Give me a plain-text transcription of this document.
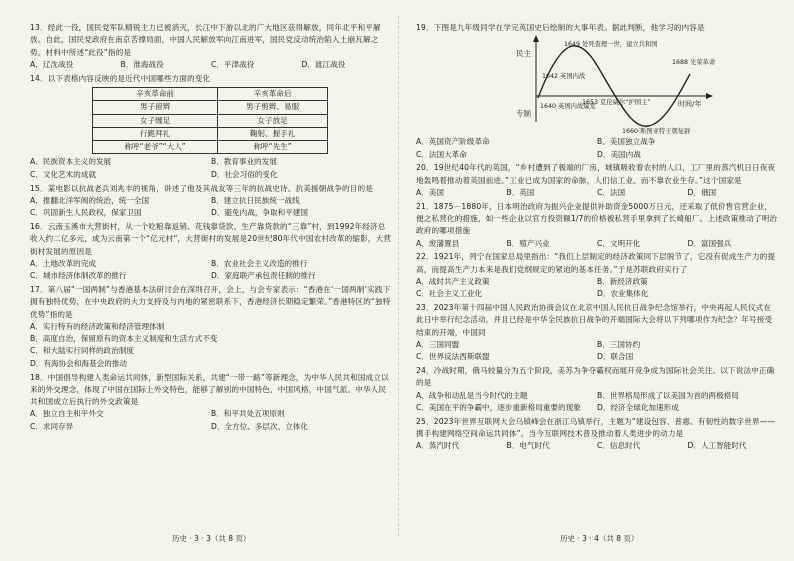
13．经此一役，国民党军队精锐主力已被消灭，长江中下游以北的广大地区获得解放，同年北平和平解放。自此，国民党政府在南京苦撑局面，中国人民解放军向江南进军，国民党反动统治陷入土崩瓦解之势。材料中所述“此役”指的是
A．辽沈战役	B．淮海战役	C．平津战役	D．渡江战役
14．以下表格内容反映的是近代中国哪些方面的变化
辛亥革命前	辛亥革命后
男子留辫	男子剪辫、易服
女子缠足	女子放足
行跪拜礼	鞠躬、握手礼
称呼“老爷”“大人”	称呼“先生”
A．民族资本主义的发展	B．教育事业的发展
C．文化艺术的成就	D．社会习俗的变化
15．某电影以抗战老兵刘兆丰的视角，讲述了他及其战友等三年的抗战史诗。抗美援朝战争的目的是
A．推翻北洋军阀的统治，统一全国	B．建立抗日民族统一战线
C．巩固新生人民政权，保家卫国	D．避免内战，争取和平建国
16．云南玉溪市大营街村，从一个吃粮靠返销、花钱靠贷款、生产靠贷款的“三靠”村，到1992年经济总收入约二亿多元，成为云南第一个“亿元村”，大营街村的发展是20世纪80年代中国农村改革的缩影，大营街村发展的原因是
A．土地改革的完成	B．农业社会主义改造的推行
C．城市经济体制改革的推行	D．家庭联产承包责任制的推行
17．第八届“一国两制”与香港基本法研讨会在深圳召开，会上，与会专家表示：“香港在‘一国两制’实践下拥有独特优势，在中央政府的大力支持及与内地的紧密联系下，香港经济长期稳定繁荣。”香港特区的“独特优势”指的是
A．实行特有的经济政策和经济管理体制
B．高度自治，保留原有的资本主义制度和生活方式不变
C．和大陆实行同样的政治制度
D．有海协会和海基会的推动
18．中国倡导构建人类命运共同体，新型国际关系，共建“一带一路”等新理念，为中华人民共和国成立以来的外交理念，体现了中国在国际上外交特色，能够了解别的中国特色，中国风格，中国气派。中华人民共和国成立后执行的外交政策是
A．独立自主和平外交	B．和平共处五项原则
C．求同存异	D．全方位、多层次、立体化
历史 · 3 · 3（共 8 页）
19．下图是九年级同学在学完英国史后绘制的大事年表。据此判断，他学习的内容是
民主
专制
时间/年
1649 处死查理一世，建立共和国
1642 英国内战
1640 英国内战爆发
1653 克伦威尔“护国主”
1660 斯图亚特王朝复辟
1688 光荣革命
A．英国资产阶级革命	B．美国独立战争
C．法国大革命	D．美国内战
20．19世纪40年代的英国，“乡村遭到了极端的厂房，城镇吸收着农村的人口，工厂里的蒸汽机日日夜夜地轰鸣着推动着英国前进。”工业已成为国家的命脉，人们信工业、而不靠农业生存。”这个国家是
A．美国	B．英国	C．法国	D．俄国
21．1875－1880年，日本明治政府为振兴企业提供补助资金5000万日元，还采取了低价售官营企业，便之私营化的措施，如一些企业以官方投资额1/7的价格被私营手里拿到了长崎船厂。上述政策推动了明治政府的哪项措施
A．废藩置县	B．殖产兴业	C．文明开化	D．富国强兵
22．1921年，列宁在国家总局里指出：“我们上层制定的经济政策同下层脱节了，它没有促成生产力的提高，而提高生产力本来是我们党纲规定的紧迫的基本任务。”于是苏联政府实行了
A．战时共产主义政策	B．新经济政策
C．社会主义工业化	D．农业集体化
23．2023年第十四届中国人民政治协商会议在北京中国人民抗日战争纪念馆举行，中央再起人民仪式在此日中举行纪念活动，并且已经是中华全民族抗日战争的开端国际大会将以下列哪项作为纪念？年号接受结束的开端，中国同
A．三国同盟	B．三国协约
C．世界反法西斯联盟	D．联合国
24．冷战时期，俄马较量分为五个阶段，美苏为争夺霸权而展开竞争成为国际社会关注。以下说法中正确的是
A．战争和动乱是当今时代的主题	B．世界格局形成了以美国为首的两极格局
C．美国在平的争霸中，逐步重新格局重要的现象	D．经济全球化加速形成
25．2023年世界互联网大会乌镇峰会在浙江乌镇举行，主题为“建设包容、普惠、有韧性的数字世界——携手构建网络空间命运共同体”。当今互联网技术普及推动着人类进步的动力是
A．蒸汽时代	B．电气时代	C．信息时代	D．人工智能时代
历史 · 3 · 4（共 8 页）
